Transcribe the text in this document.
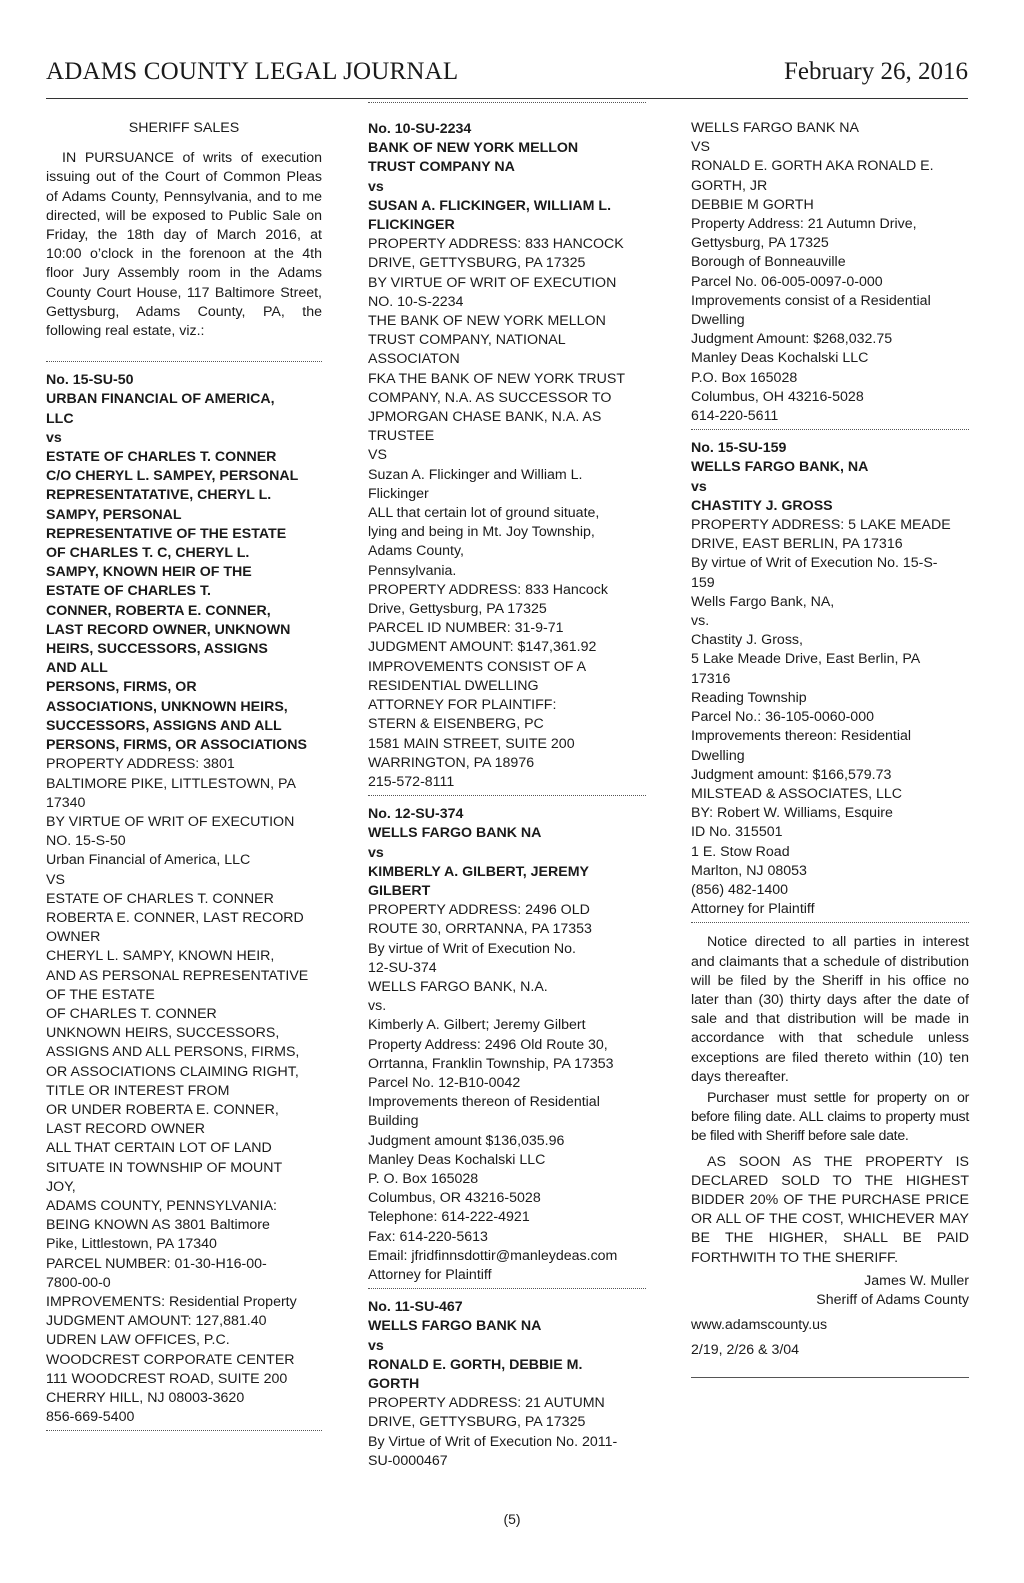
ADAMS COUNTY LEGAL JOURNAL	February 26, 2016
SHERIFF SALES
IN PURSUANCE of writs of execution issuing out of the Court of Common Pleas of Adams County, Pennsylvania, and to me directed, will be exposed to Public Sale on Friday, the 18th day of March 2016, at 10:00 o’clock in the forenoon at the 4th floor Jury Assembly room in the Adams County Court House, 117 Baltimore Street, Gettysburg, Adams County, PA, the following real estate, viz.:
No. 15-SU-50
URBAN FINANCIAL OF AMERICA,
LLC
vs
ESTATE OF CHARLES T. CONNER
C/O CHERYL L. SAMPEY, PERSONAL
REPRESENTATATIVE, CHERYL L.
SAMPY, PERSONAL
REPRESENTATIVE OF THE ESTATE
OF CHARLES T. C, CHERYL L.
SAMPY, KNOWN HEIR OF THE
ESTATE OF CHARLES T.
CONNER, ROBERTA E. CONNER,
LAST RECORD OWNER, UNKNOWN
HEIRS, SUCCESSORS, ASSIGNS
AND ALL
PERSONS, FIRMS, OR
ASSOCIATIONS, UNKNOWN HEIRS,
SUCCESSORS, ASSIGNS AND ALL
PERSONS, FIRMS, OR ASSOCIATIONS
PROPERTY ADDRESS: 3801
BALTIMORE PIKE, LITTLESTOWN, PA
17340
BY VIRTUE OF WRIT OF EXECUTION
NO. 15-S-50
Urban Financial of America, LLC
VS
ESTATE OF CHARLES T. CONNER
ROBERTA E. CONNER, LAST RECORD
OWNER
CHERYL L. SAMPY, KNOWN HEIR,
AND AS PERSONAL REPRESENTATIVE
OF THE ESTATE
OF CHARLES T. CONNER
UNKNOWN HEIRS, SUCCESSORS,
ASSIGNS AND ALL PERSONS, FIRMS,
OR ASSOCIATIONS CLAIMING RIGHT,
TITLE OR INTEREST FROM
OR UNDER ROBERTA E. CONNER,
LAST RECORD OWNER
ALL THAT CERTAIN LOT OF LAND
SITUATE IN TOWNSHIP OF MOUNT
JOY,
ADAMS COUNTY, PENNSYLVANIA:
BEING KNOWN AS 3801 Baltimore
Pike, Littlestown, PA 17340
PARCEL NUMBER: 01-30-H16-00-
7800-00-0
IMPROVEMENTS: Residential Property
JUDGMENT AMOUNT: 127,881.40
UDREN LAW OFFICES, P.C.
WOODCREST CORPORATE CENTER
111 WOODCREST ROAD, SUITE 200
CHERRY HILL, NJ 08003-3620
856-669-5400
No. 10-SU-2234
BANK OF NEW YORK MELLON
TRUST COMPANY NA
vs
SUSAN A. FLICKINGER, WILLIAM L.
FLICKINGER
PROPERTY ADDRESS: 833 HANCOCK
DRIVE, GETTYSBURG, PA 17325
BY VIRTUE OF WRIT OF EXECUTION
NO. 10-S-2234
THE BANK OF NEW YORK MELLON
TRUST COMPANY, NATIONAL
ASSOCIATON
FKA THE BANK OF NEW YORK TRUST
COMPANY, N.A. AS SUCCESSOR TO
JPMORGAN CHASE BANK, N.A. AS
TRUSTEE
VS
Suzan A. Flickinger and William L.
Flickinger
ALL that certain lot of ground situate,
lying and being in Mt. Joy Township,
Adams County,
Pennsylvania.
PROPERTY ADDRESS: 833 Hancock
Drive, Gettysburg, PA 17325
PARCEL ID NUMBER: 31-9-71
JUDGMENT AMOUNT: $147,361.92
IMPROVEMENTS CONSIST OF A
RESIDENTIAL DWELLING
ATTORNEY FOR PLAINTIFF:
STERN & EISENBERG, PC
1581 MAIN STREET, SUITE 200
WARRINGTON, PA 18976
215-572-8111
No. 12-SU-374
WELLS FARGO BANK NA
vs
KIMBERLY A. GILBERT, JEREMY
GILBERT
PROPERTY ADDRESS: 2496 OLD
ROUTE 30, ORRTANNA, PA 17353
By virtue of Writ of Execution No.
12-SU-374
WELLS FARGO BANK, N.A.
vs.
Kimberly A. Gilbert; Jeremy Gilbert
Property Address: 2496 Old Route 30,
Orrtanna, Franklin Township, PA 17353
Parcel No. 12-B10-0042
Improvements thereon of Residential
Building
Judgment amount $136,035.96
Manley Deas Kochalski LLC
P. O. Box 165028
Columbus, OR 43216-5028
Telephone: 614-222-4921
Fax: 614-220-5613
Email: jfridfinnsdottir@manleydeas.com
Attorney for Plaintiff
No. 11-SU-467
WELLS FARGO BANK NA
vs
RONALD E. GORTH, DEBBIE M.
GORTH
PROPERTY ADDRESS: 21 AUTUMN
DRIVE, GETTYSBURG, PA 17325
By Virtue of Writ of Execution No. 2011-
SU-0000467
WELLS FARGO BANK NA
VS
RONALD E. GORTH AKA RONALD E.
GORTH, JR
DEBBIE M GORTH
Property Address: 21 Autumn Drive,
Gettysburg, PA 17325
Borough of Bonneauville
Parcel No. 06-005-0097-0-000
Improvements consist of a Residential
Dwelling
Judgment Amount: $268,032.75
Manley Deas Kochalski LLC
P.O. Box 165028
Columbus, OH 43216-5028
614-220-5611
No. 15-SU-159
WELLS FARGO BANK, NA
vs
CHASTITY J. GROSS
PROPERTY ADDRESS: 5 LAKE MEADE
DRIVE, EAST BERLIN, PA 17316
By virtue of Writ of Execution No. 15-S-
159
Wells Fargo Bank, NA,
vs.
Chastity J. Gross,
5 Lake Meade Drive, East Berlin, PA
17316
Reading Township
Parcel No.: 36-105-0060-000
Improvements thereon: Residential
Dwelling
Judgment amount: $166,579.73
MILSTEAD & ASSOCIATES, LLC
BY: Robert W. Williams, Esquire
ID No. 315501
1 E. Stow Road
Marlton, NJ 08053
(856) 482-1400
Attorney for Plaintiff
Notice directed to all parties in interest and claimants that a schedule of distribution will be filed by the Sheriff in his office no later than (30) thirty days after the date of sale and that distribution will be made in accordance with that schedule unless exceptions are filed thereto within (10) ten days thereafter.
Purchaser must settle for property on or before filing date. ALL claims to property must be filed with Sheriff before sale date.
AS SOON AS THE PROPERTY IS DECLARED SOLD TO THE HIGHEST BIDDER 20% OF THE PURCHASE PRICE OR ALL OF THE COST, WHICHEVER MAY BE THE HIGHER, SHALL BE PAID FORTHWITH TO THE SHERIFF.
James W. Muller
Sheriff of Adams County
www.adamscounty.us
2/19, 2/26 & 3/04
(5)
